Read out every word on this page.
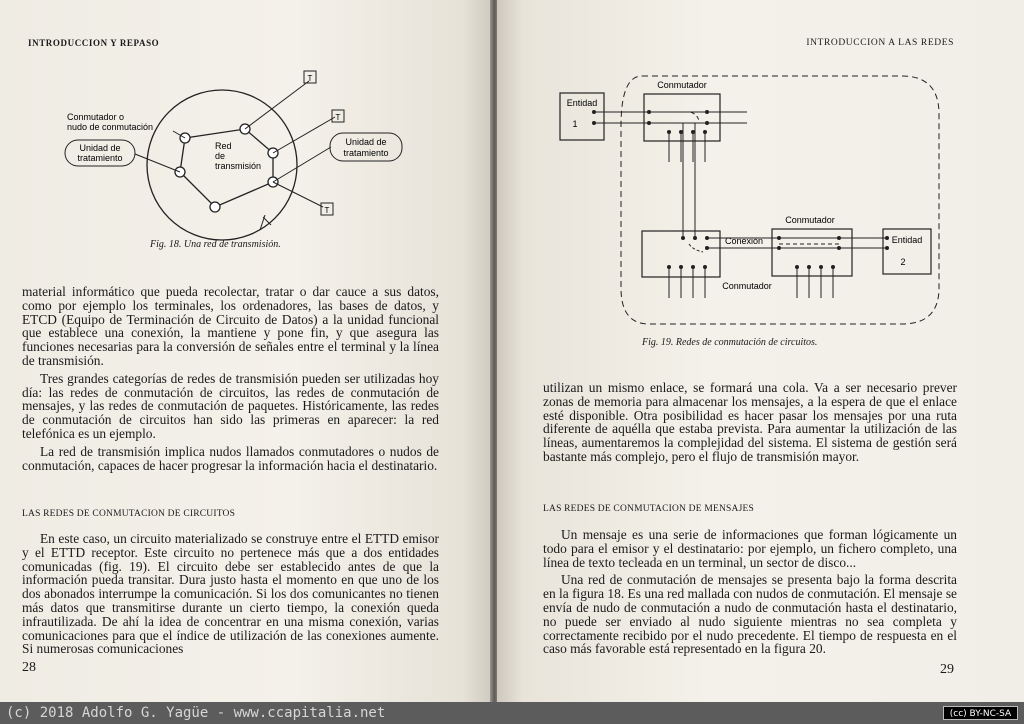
INTRODUCCION Y REPASO
T
T
T
Unidad de
tratamiento
Unidad de
tratamiento
Conmutador o
nudo de conmutación
Red
de
transmisión
Fig. 18. Una red de transmisión.

material informático que pueda recolectar, tratar o dar cauce a sus datos, como por ejemplo los terminales, los ordenadores, las bases de datos, y ETCD (Equipo de Terminación de Circuito de Datos) a la unidad funcional que establece una conexión, la mantiene y pone fin, y que asegura las funciones necesarias para la conversión de señales entre el terminal y la línea de transmisión.

Tres grandes categorías de redes de transmisión pueden ser utilizadas hoy día: las redes de conmutación de circuitos, las redes de conmutación de mensajes, y las redes de conmutación de paquetes. Históricamente, las redes de conmutación de circuitos han sido las primeras en aparecer: la red telefónica es un ejemplo.

La red de transmisión implica nudos llamados conmutadores o nudos de conmutación, capaces de hacer progresar la información hacia el destinatario.

LAS REDES DE CONMUTACION DE CIRCUITOS

En este caso, un circuito materializado se construye entre el ETTD emisor y el ETTD receptor. Este circuito no pertenece más que a dos entidades comunicadas (fig. 19). El circuito debe ser establecido antes de que la información pueda transitar. Dura justo hasta el momento en que uno de los dos abonados interrumpe la comunicación. Si los dos comunicantes no tienen más datos que transmitirse durante un cierto tiempo, la conexión queda infrautilizada. De ahí la idea de concentrar en una misma conexión, varias comunicaciones para que el índice de utilización de las conexiones aumente. Si numerosas comunicaciones

28
INTRODUCCION A LAS REDES
Entidad
1
Conmutador
Conexión
Conmutador
Conmutador
Entidad
2
Fig. 19. Redes de conmutación de circuitos.

utilizan un mismo enlace, se formará una cola. Va a ser necesario prever zonas de memoria para almacenar los mensajes, a la espera de que el enlace esté disponible. Otra posibilidad es hacer pasar los mensajes por una ruta diferente de aquélla que estaba prevista. Para aumentar la utilización de las líneas, aumentaremos la complejidad del sistema. El sistema de gestión será bastante más complejo, pero el flujo de transmisión mayor.

LAS REDES DE CONMUTACION DE MENSAJES

Un mensaje es una serie de informaciones que forman lógicamente un todo para el emisor y el destinatario: por ejemplo, un fichero completo, una línea de texto tecleada en un terminal, un sector de disco...

Una red de conmutación de mensajes se presenta bajo la forma descrita en la figura 18. Es una red mallada con nudos de conmutación. El mensaje se envía de nudo de conmutación a nudo de conmutación hasta el destinatario, no puede ser enviado al nudo siguiente mientras no sea completa y correctamente recibido por el nudo precedente. El tiempo de respuesta en el caso más favorable está representado en la figura 20.

29
(c) 2018 Adolfo G. Yagüe - www.ccapitalia.net	(cc) BY-NC-SA
